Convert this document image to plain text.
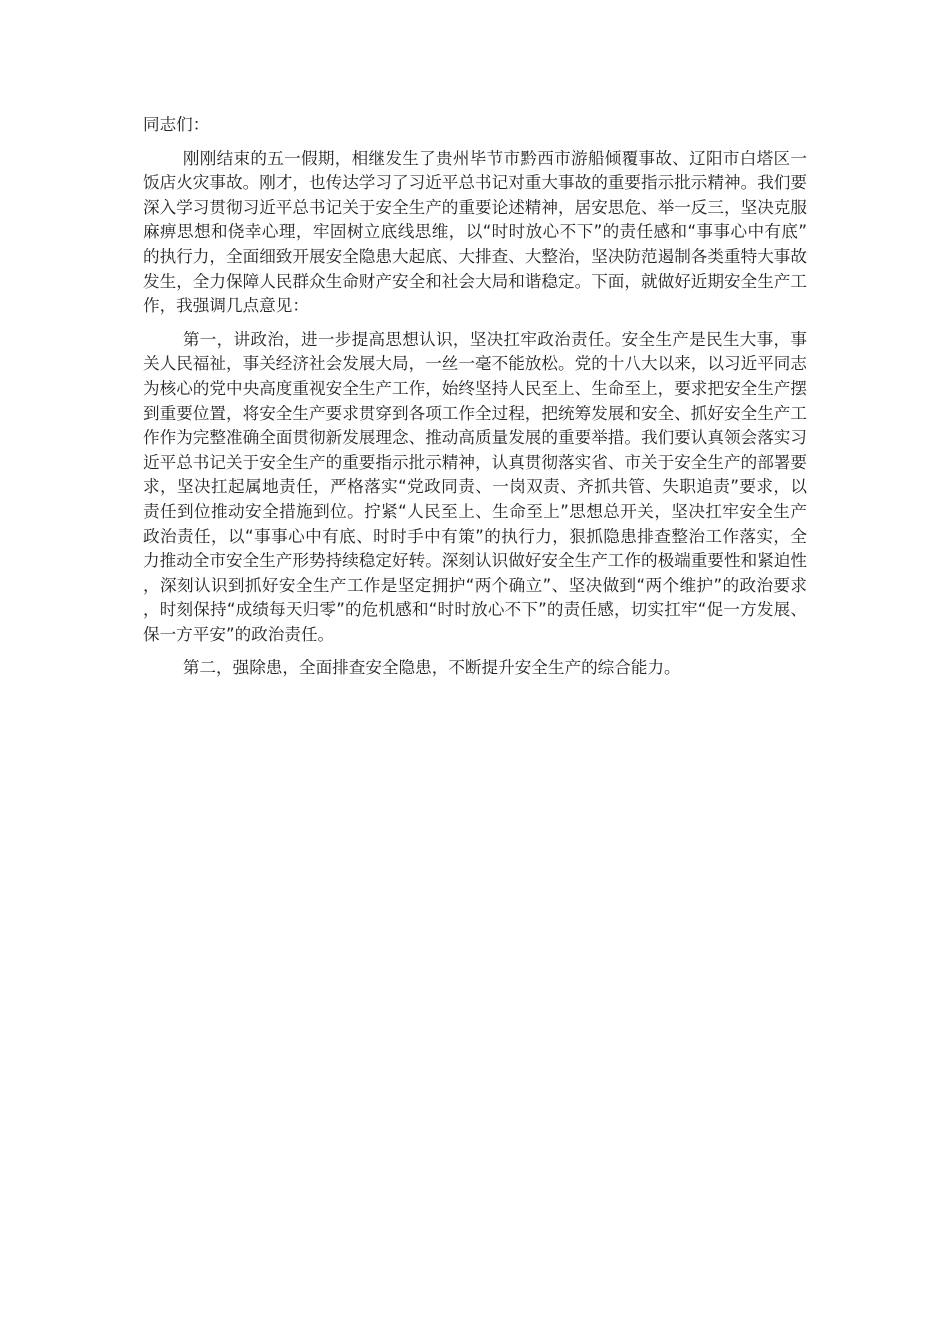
同志们：

刚刚结束的五一假期，相继发生了贵州毕节市黔西市游船倾覆事故、辽阳市白塔区一饭店火灾事故。刚才，也传达学习了习近平总书记对重大事故的重要指示批示精神。我们要深入学习贯彻习近平总书记关于安全生产的重要论述精神，居安思危、举一反三，坚决克服麻痹思想和侥幸心理，牢固树立底线思维，以“时时放心不下”的责任感和“事事心中有底”的执行力，全面细致开展安全隐患大起底、大排查、大整治，坚决防范遏制各类重特大事故发生，全力保障人民群众生命财产安全和社会大局和谐稳定。下面，就做好近期安全生产工作，我强调几点意见：

第一，讲政治，进一步提高思想认识，坚决扛牢政治责任。安全生产是民生大事，事关人民福祉，事关经济社会发展大局，一丝一毫不能放松。党的十八大以来，以习近平同志为核心的党中央高度重视安全生产工作，始终坚持人民至上、生命至上，要求把安全生产摆到重要位置，将安全生产要求贯穿到各项工作全过程，把统筹发展和安全、抓好安全生产工作作为完整准确全面贯彻新发展理念、推动高质量发展的重要举措。我们要认真领会落实习近平总书记关于安全生产的重要指示批示精神，认真贯彻落实省、市关于安全生产的部署要求，坚决扛起属地责任，严格落实“党政同责、一岗双责、齐抓共管、失职追责”要求，以责任到位推动安全措施到位。拧紧“人民至上、生命至上”思想总开关，坚决扛牢安全生产政治责任，以“事事心中有底、时时手中有策”的执行力，狠抓隐患排查整治工作落实，全力推动全市安全生产形势持续稳定好转。深刻认识做好安全生产工作的极端重要性和紧迫性，深刻认识到抓好安全生产工作是坚定拥护“两个确立”、坚决做到“两个维护”的政治要求，时刻保持“成绩每天归零”的危机感和“时时放心不下”的责任感，切实扛牢“促一方发展、保一方平安”的政治责任。

第二，强除患，全面排查安全隐患，不断提升安全生产的综合能力。
